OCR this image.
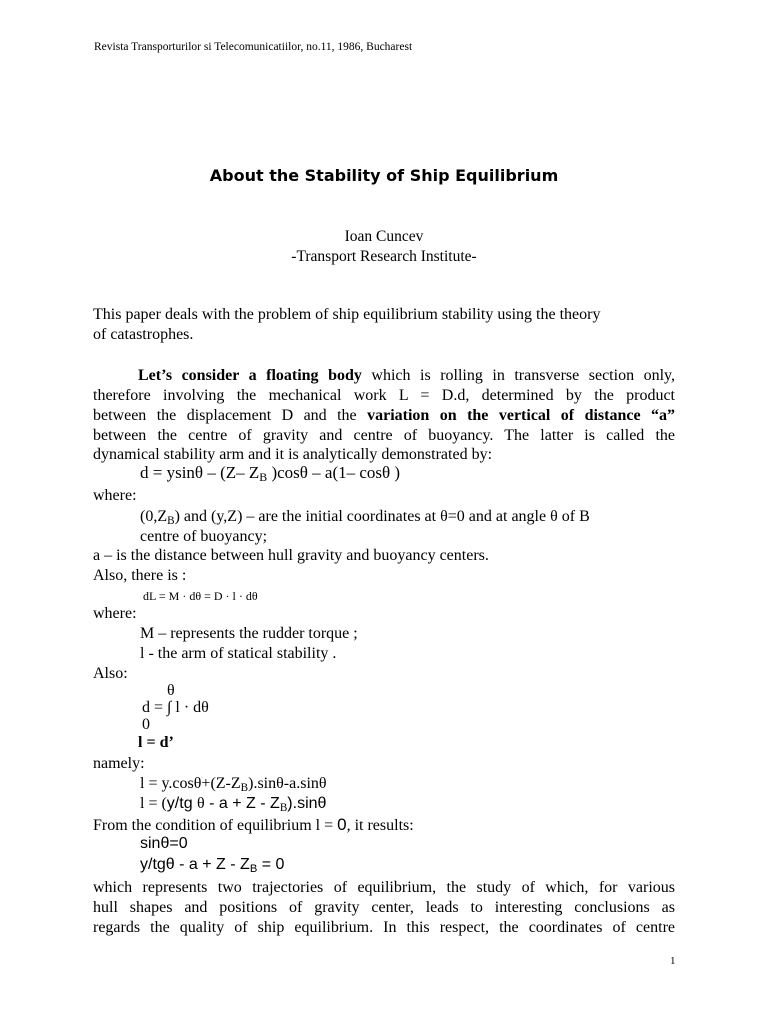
Revista Transporturilor si Telecomunicatiilor, no.11, 1986, Bucharest
About the Stability of Ship Equilibrium
Ioan Cuncev
-Transport Research Institute-
This paper deals with the problem of ship equilibrium stability using the theory
of catastrophes.
Let’s consider a floating body which is rolling in transverse section only,
therefore involving the mechanical work L = D.d, determined by the product
between the displacement D and the variation on the vertical of distance “a”
between the centre of gravity and centre of buoyancy. The latter is called the
dynamical stability arm and it is analytically demonstrated by:
d = ysinθ – (Z– $Z_B$ )cosθ – a(1– cosθ )
where:
$(0,Z_B)$ and (y,Z) – are the initial coordinates at θ=0 and at angle θ of B
centre of buoyancy;
a – is the distance between hull gravity and buoyancy centers.
Also, there is :
dL = M · dθ = D · l · dθ
where:
M – represents the rudder torque ;
l - the arm of statical stability .
Also:
θ
d = ∫ l · dθ
0
l = d’
namely:
$l = y.\cos\theta+(Z-Z_B).\sin\theta-a.\sin\theta$
l = (y/tg $\theta - a + Z - Z_B).\sin\theta$
From the condition of equilibrium l = 0, it results:
sinθ=0
$y/tg\theta - a + Z - Z_B = 0$
which represents two trajectories of equilibrium, the study of which, for various
hull shapes and positions of gravity center, leads to interesting conclusions as
regards the quality of ship equilibrium. In this respect, the coordinates of centre
1
